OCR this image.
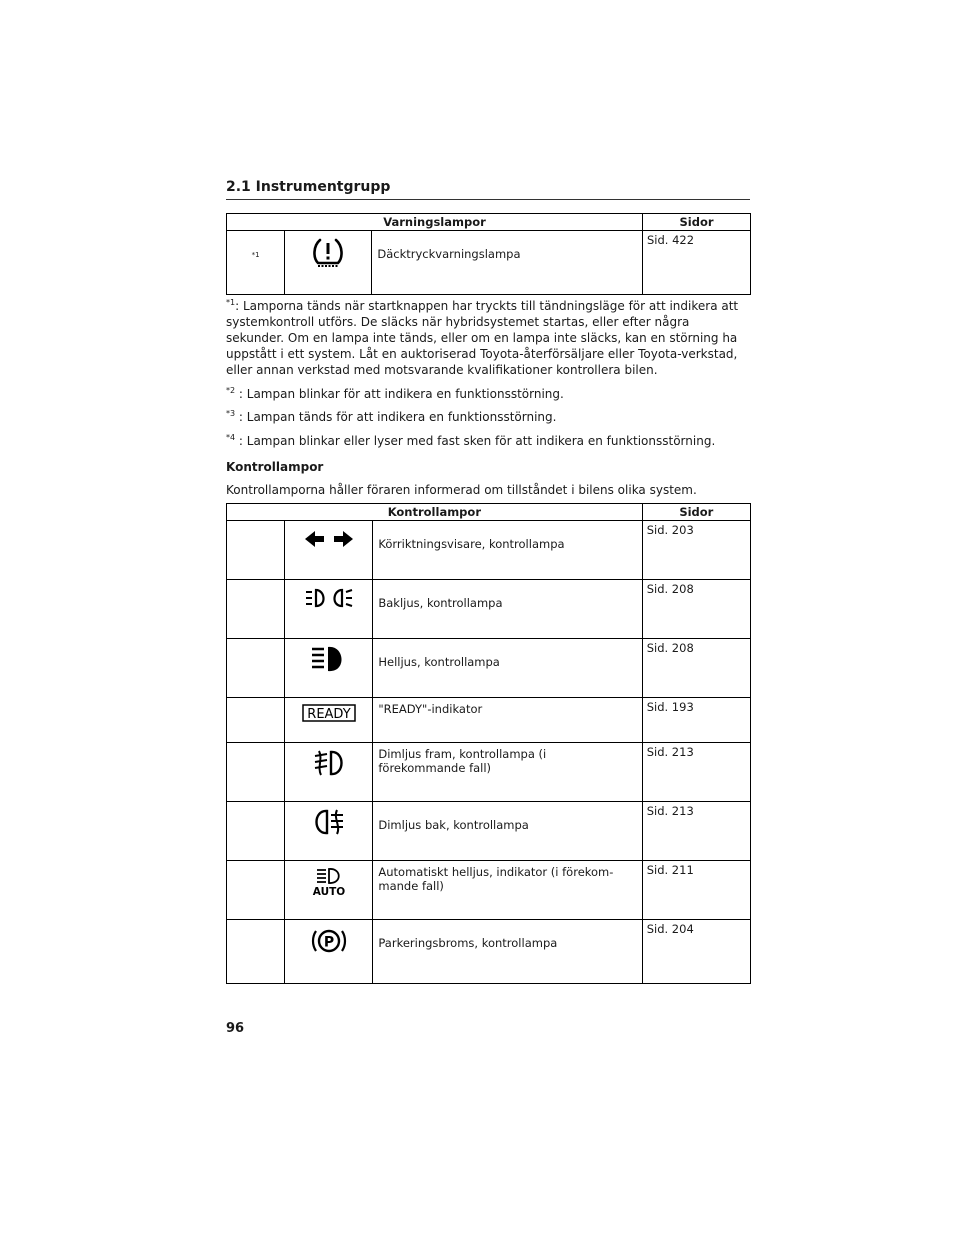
2.1 Instrumentgrupp
Varningslampor			Sidor
*1		Däcktryckvarningslampa	Sid. 422
$^{*1}$: Lamporna tänds när startknappen har tryckts till tändningsläge för att indikera att systemkontroll utförs. De släcks när hybridsystemet startas, eller efter några sekunder. Om en lampa inte tänds, eller om en lampa inte släcks, kan en störning ha uppstått i ett system. Låt en auktoriserad Toyota-återförsäljare eller Toyota-verkstad, eller annan verkstad med motsvarande kvalifikationer kontrollera bilen.
$^{*2}$ : Lampan blinkar för att indikera en funktionsstörning.
$^{*3}$ : Lampan tänds för att indikera en funktionsstörning.
$^{*4}$ : Lampan blinkar eller lyser med fast sken för att indikera en funktionsstörning.
Kontrollampor
Kontrollamporna håller föraren informerad om tillståndet i bilens olika system.
Kontrollampor			Sidor

Körriktningsvisare, kontrollampa	Sid. 203

Bakljus, kontrollampa	Sid. 208

Helljus, kontrollampa	Sid. 208

READY	"READY"-indikator	Sid. 193

Dimljus fram, kontrollampa (i förekommande fall)	Sid. 213

Dimljus bak, kontrollampa	Sid. 213

AUTO	Automatiskt helljus, indikator (i förekom-mande fall)	Sid. 211

P	Parkeringsbroms, kontrollampa	Sid. 204
96
